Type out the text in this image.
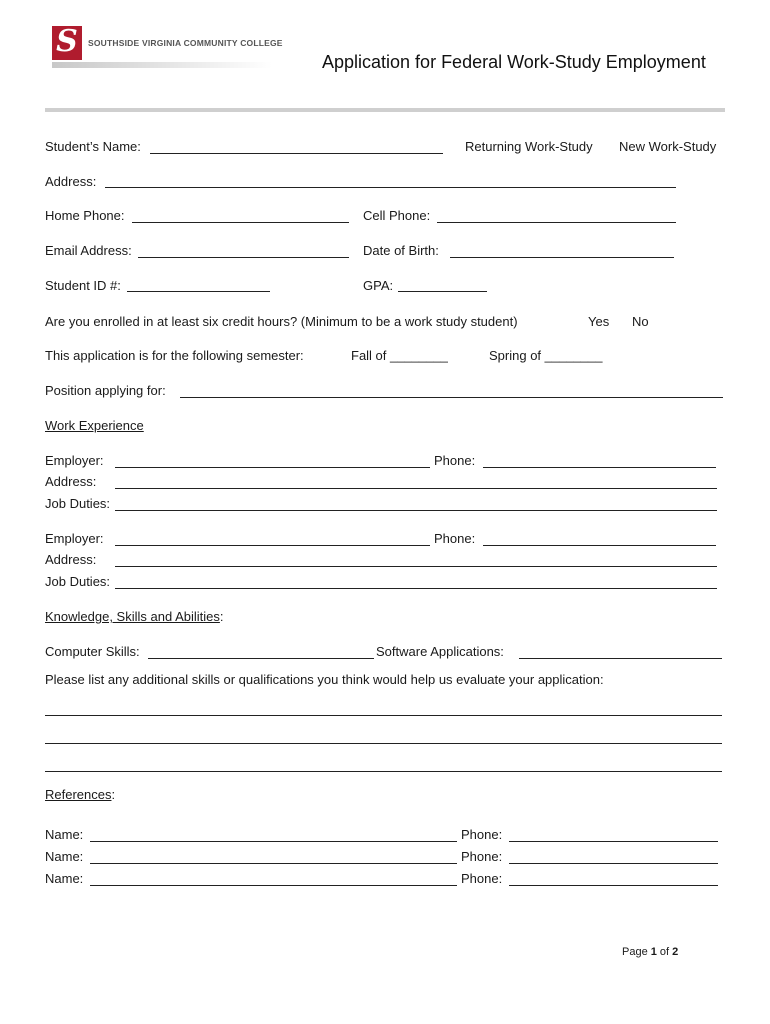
S	SOUTHSIDE VIRGINIA COMMUNITY COLLEGE
Application for Federal Work-Study Employment
Student’s Name:	Returning Work-Study New Work-Study
Address:
Home Phone:	Cell Phone:
Email Address:	Date of Birth:
Student ID #:	GPA:
Are you enrolled in at least six credit hours? (Minimum to be a work study student)	Yes No
This application is for the following semester:	Fall of ________	Spring of ________
Position applying for:
Work Experience
Employer:	Phone:
Address:
Job Duties:
Employer:	Phone:
Address:
Job Duties:
Knowledge, Skills and Abilities:
Computer Skills:	Software Applications:
Please list any additional skills or qualifications you think would help us evaluate your application:
References:
Name:	Phone:
Name:	Phone:
Name:	Phone:
Page 1 of 2
